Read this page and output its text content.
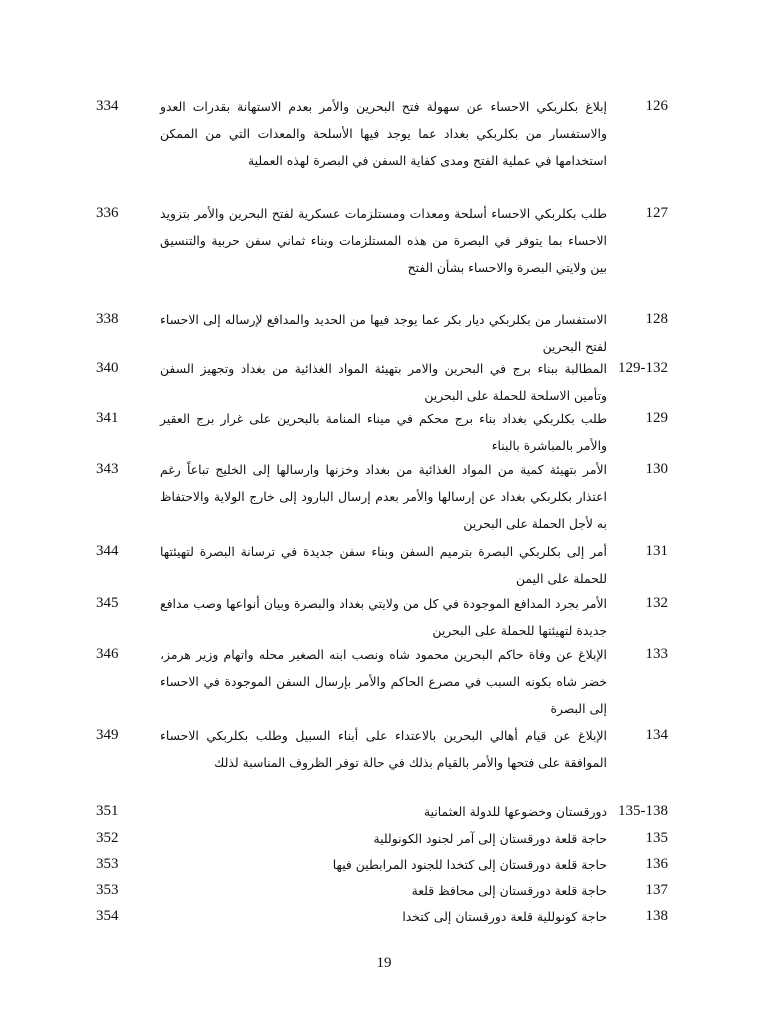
126
إبلاغ بكلربكي الاحساء عن سهولة فتح البحرين والأمر بعدم الاستهانة بقدرات العدو والاستفسار من بكلربكي بغداد عما يوجد فيها الأسلحة والمعدات التي من الممكن استخدامها في عملية الفتح ومدى كفاية السفن في البصرة لهذه العملية
334
127
طلب بكلربكي الاحساء أسلحة ومعدات ومستلزمات عسكرية لفتح البحرين والأمر بتزويد الاحساء بما يتوفر في البصرة من هذه المستلزمات وبناء ثماني سفن حربية والتنسيق بين ولايتي البصرة والاحساء بشأن الفتح
336
128
الاستفسار من بكلربكي ديار بكر عما يوجد فيها من الحديد والمدافع لإرساله إلى الاحساء لفتح البحرين
338
129-132
المطالبة ببناء برج في البحرين والامر بتهيئة المواد الغذائية من بغداد وتجهيز السفن وتأمين الاسلحة للحملة على البحرين
340
129
طلب بكلربكي بغداد بناء برج محكم في ميناء المنامة بالبحرين على غرار برج العقير والأمر بالمباشرة بالبناء
341
130
الأمر بتهيئة كمية من المواد الغذائية من بغداد وخزنها وارسالها إلى الخليج تباعاً رغم اعتذار بكلربكي بغداد عن إرسالها والأمر بعدم إرسال البارود إلى خارج الولاية والاحتفاظ به لأجل الحملة على البحرين
343
131
أمر إلى بكلربكي البصرة بترميم السفن وبناء سفن جديدة في ترسانة البصرة لتهيئتها للحملة على اليمن
344
132
الأمر بجرد المدافع الموجودة في كل من ولايتي بغداد والبصرة وبيان أنواعها وصب مدافع جديدة لتهيئتها للحملة على البحرين
345
133
الإبلاغ عن وفاة حاكم البحرين محمود شاه ونصب ابنه الصغير محله واتهام وزير هرمز، خضر شاه بكونه السبب في مصرع الحاكم والأمر بإرسال السفن الموجودة في الاحساء إلى البصرة
346
134
الإبلاغ عن قيام أهالي البحرين بالاعتداء على أبناء السبيل وطلب بكلربكي الاحساء الموافقة على فتحها والأمر بالقيام بذلك في حالة توفر الظروف المناسبة لذلك
349
135-138
دورقستان وخضوعها للدولة العثمانية
351
135
حاجة قلعة دورقستان إلى آمر لجنود الكونوللية
352
136
حاجة قلعة دورقستان إلى كتخدا للجنود المرابطين فيها
353
137
حاجة قلعة دورقستان إلى محافظ قلعة
353
138
حاجة كونوللية قلعة دورقستان إلى كتخدا
354
19
